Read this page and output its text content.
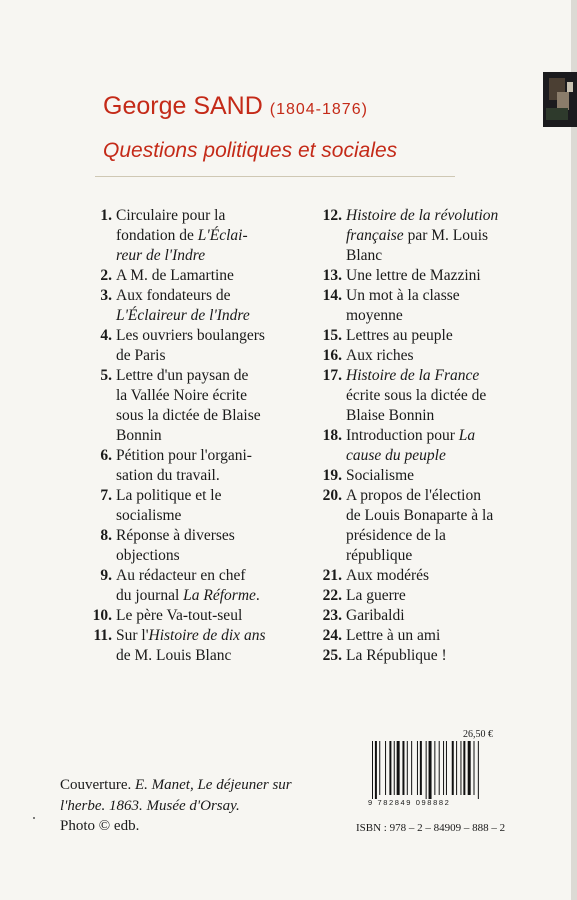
George SAND (1804-1876)
Questions politiques et sociales
1. Circulaire pour la
fondation de L'Éclai-
reur de l'Indre
2. A M. de Lamartine
3. Aux fondateurs de
L'Éclaireur de l'Indre
4. Les ouvriers boulangers
de Paris
5. Lettre d'un paysan de
la Vallée Noire écrite
sous la dictée de Blaise
Bonnin
6. Pétition pour l'organi-
sation du travail.
7. La politique et le
socialisme
8. Réponse à diverses
objections
9. Au rédacteur en chef
du journal La Réforme.
10. Le père Va-tout-seul
11. Sur l'Histoire de dix ans
de M. Louis Blanc
12. Histoire de la révolution
française par M. Louis
Blanc
13. Une lettre de Mazzini
14. Un mot à la classe
moyenne
15. Lettres au peuple
16. Aux riches
17. Histoire de la France
écrite sous la dictée de
Blaise Bonnin
18. Introduction pour La
cause du peuple
19. Socialisme
20. A propos de l'élection
de Louis Bonaparte à la
présidence de la
république
21. Aux modérés
22. La guerre
23. Garibaldi
24. Lettre à un ami
25. La République !
26,50 €
9 782849 098882
ISBN : 978 – 2 – 84909 – 888 – 2
Couverture. E. Manet, Le déjeuner sur l'herbe. 1863. Musée d'Orsay.
Photo © edb.
